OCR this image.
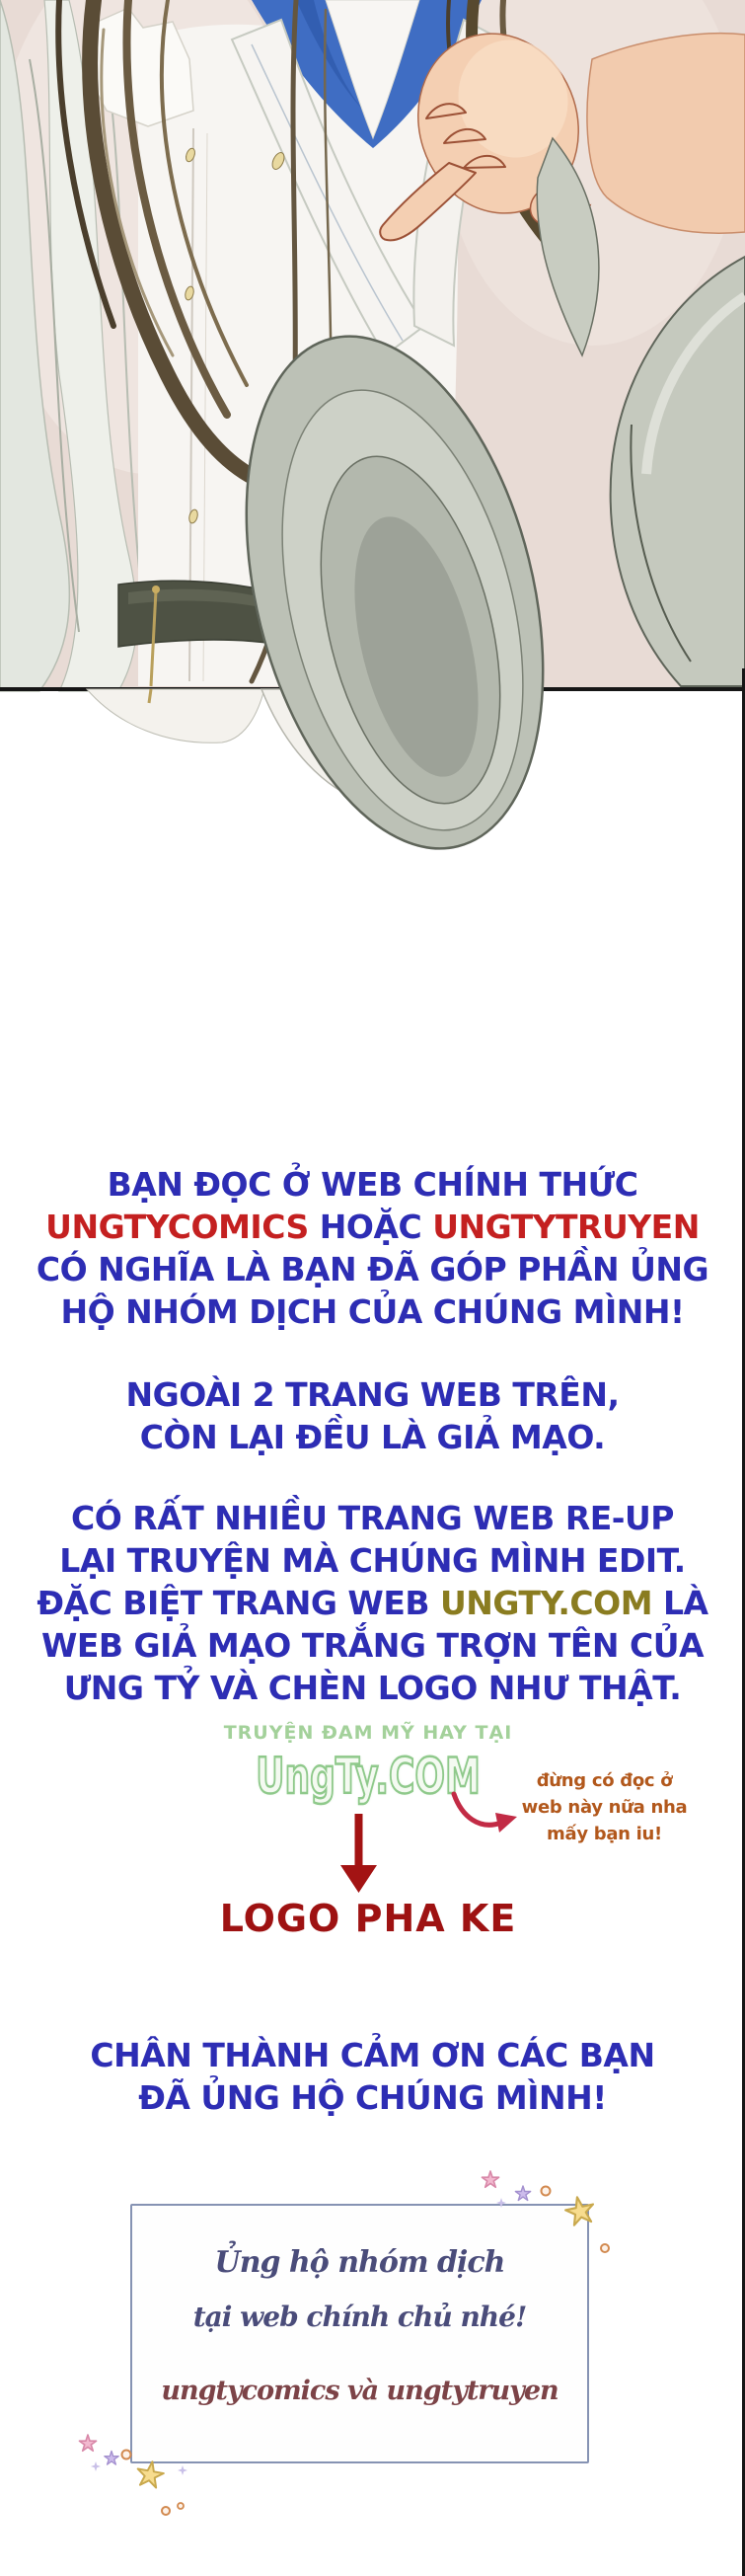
BẠN ĐỌC Ở WEB CHÍNH THỨC
UNGTYCOMICS HOẶC UNGTYTRUYEN
CÓ NGHĨA LÀ BẠN ĐÃ GÓP PHẦN ỦNG
HỘ NHÓM DỊCH CỦA CHÚNG MÌNH!
NGOÀI 2 TRANG WEB TRÊN,
CÒN LẠI ĐỀU LÀ GIẢ MẠO.
CÓ RẤT NHIỀU TRANG WEB RE-UP
LẠI TRUYỆN MÀ CHÚNG MÌNH EDIT.
ĐẶC BIỆT TRANG WEB UNGTY.COM LÀ
WEB GIẢ MẠO TRẮNG TRỢN TÊN CỦA
ƯNG TỶ VÀ CHÈN LOGO NHƯ THẬT.
TRUYỆN ĐAM MỸ HAY TẠI
UngTy.COM	đừng có đọc ở
web này nữa nha
mấy bạn iu!
LOGO PHA KE
CHÂN THÀNH CẢM ƠN CÁC BẠN
ĐÃ ỦNG HỘ CHÚNG MÌNH!
Ủng hộ nhóm dịch
tại web chính chủ nhé!
ungtycomics và ungtytruyen
